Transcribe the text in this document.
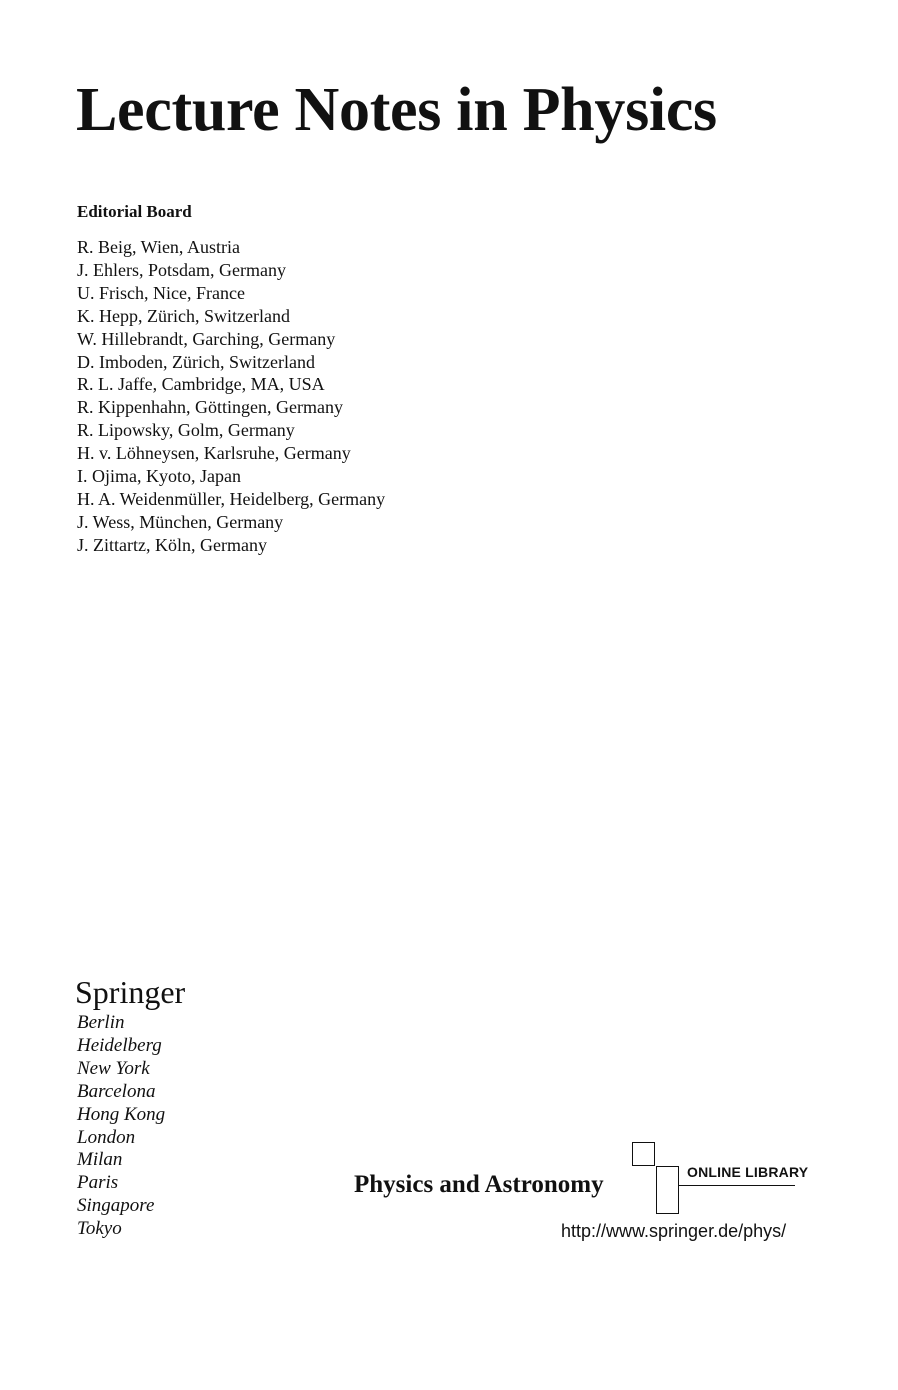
Lecture Notes in Physics
Editorial Board
R. Beig, Wien, Austria
J. Ehlers, Potsdam, Germany
U. Frisch, Nice, France
K. Hepp, Zürich, Switzerland
W. Hillebrandt, Garching, Germany
D. Imboden, Zürich, Switzerland
R. L. Jaffe, Cambridge, MA, USA
R. Kippenhahn, Göttingen, Germany
R. Lipowsky, Golm, Germany
H. v. Löhneysen, Karlsruhe, Germany
I. Ojima, Kyoto, Japan
H. A. Weidenmüller, Heidelberg, Germany
J. Wess, München, Germany
J. Zittartz, Köln, Germany
Springer
Berlin
Heidelberg
New York
Barcelona
Hong Kong
London
Milan
Paris
Singapore
Tokyo
Physics and Astronomy	ONLINE LIBRARY
http://www.springer.de/phys/
